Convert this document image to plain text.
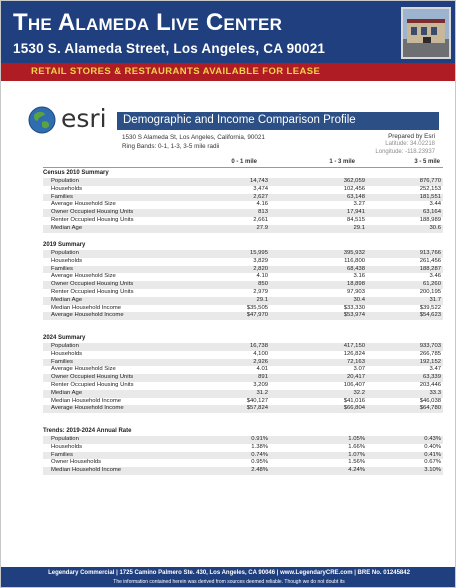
The Alameda Live Center
1530 S. Alameda Street, Los Angeles, CA 90021
RETAIL STORES & RESTAURANTS AVAILABLE FOR LEASE
esri Demographic and Income Comparison Profile
1530 S Alameda St, Los Angeles, California, 90021
Ring Bands: 0-1, 1-3, 3-5 mile radii
Prepared by Esri
Latitude: 34.02218
Longitude: -118.23937
0 - 1 mile	1 - 3 mile	3 - 5 mile
Census 2010 Summary
Population	14,743	362,059	876,770
Households	3,474	102,456	252,153
Families	2,627	63,148	181,551
Average Household Size	4.16	3.27	3.44
Owner Occupied Housing Units	813	17,941	63,164
Renter Occupied Housing Units	2,661	84,515	188,989
Median Age	27.9	29.1	30.6
2019 Summary
Population	15,995	395,932	913,766
Households	3,829	116,800	261,456
Families	2,820	68,438	188,287
Average Household Size	4.10	3.16	3.46
Owner Occupied Housing Units	850	18,898	61,260
Renter Occupied Housing Units	2,979	97,903	200,195
Median Age	29.1	30.4	31.7
Median Household Income	$35,505	$33,330	$39,522
Average Household Income	$47,970	$53,974	$54,623
2024 Summary
Population	16,738	417,150	933,703
Households	4,100	126,824	266,785
Families	2,926	72,163	192,152
Average Household Size	4.01	3.07	3.47
Owner Occupied Housing Units	891	20,417	63,339
Renter Occupied Housing Units	3,209	106,407	203,446
Median Age	31.2	32.2	33.3
Median Household Income	$40,127	$41,016	$46,038
Average Household Income	$57,824	$66,804	$64,780
Trends: 2019-2024 Annual Rate
Population	0.91%	1.05%	0.43%
Households	1.38%	1.66%	0.40%
Families	0.74%	1.07%	0.41%
Owner Households	0.95%	1.56%	0.67%
Median Household Income	2.48%	4.24%	3.10%
Legendary Commercial | 1725 Camino Palmero Ste. 430, Los Angeles, CA 90046 | www.LegendaryCRE.com | BRE No. 01245842
The information contained herein was derived from sources deemed reliable. Though we do not doubt its
